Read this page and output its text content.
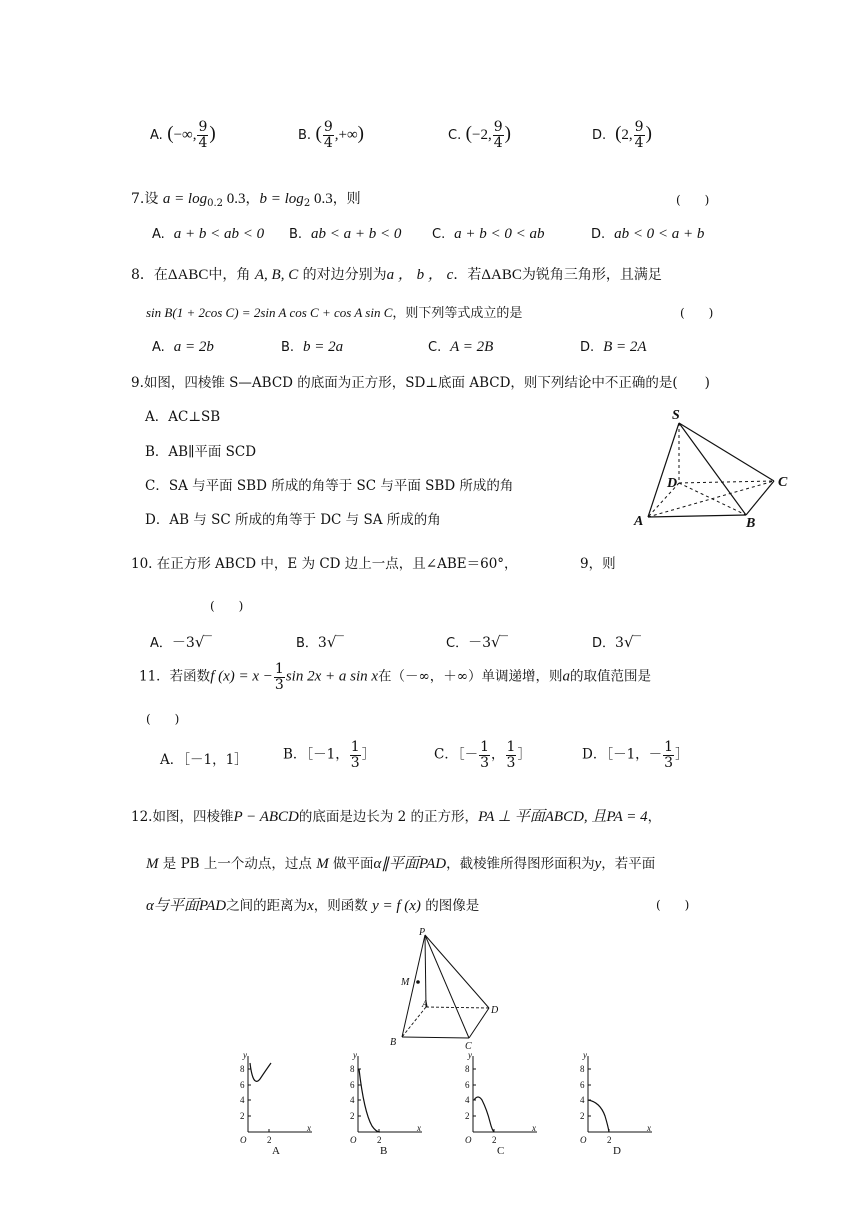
A. (−∞, $\frac{9}{4}$ )	B. ( $\frac{9}{4}$ ,+∞)	C. (−2, $\frac{9}{4}$ )	D. (2, $\frac{9}{4}$ )
7.设 $a = \log_{0.2} 0.3$，$b = \log_2 0.3$，则	(　　)
A. a + b < ab < 0 B. ab < a + b < 0 C. a + b < 0 < ab	D. ab < 0 < a + b
8．在ΔABC中，角 A, B, C 的对边分别为a ， b ， c．若ΔABC为锐角三角形，且满足
sin B(1 + 2cos C) = 2sin A cos C + cos A sin C，则下列等式成立的是	(　　)
A. a = 2b	B. b = 2a	C. A = 2B	D. B = 2A
9.如图，四棱锥 S—ABCD 的底面为正方形，SD⊥底面 ABCD，则下列结论中不正确的是(　　)
A．AC⊥SB
B．AB∥平面 SCD
C．SA 与平面 SBD 所成的角等于 SC 与平面 SBD 所成的角
D．AB 与 SC 所成的角等于 DC 与 SA 所成的角
S
D	C
A	B
10. 在正方形 ABCD 中，E 为 CD 边上一点，且∠ABE＝60°，	9，则
(　　)
A．－3√‾	B．3√‾	C．－3√‾	D．3√‾
11．若函数f $(x) = x - \frac{1}{3}$ sin 2x + a sin x在（－∞，＋∞）单调递增，则a的取值范围是
(　　)
A．［－1，1］	B．［－1， $\frac{1}{3}$ ］	C．［－ $\frac{1}{3}$ ， $\frac{1}{3}$ ］	D．［－1，－ $\frac{1}{3}$ ］
12.如图，四棱锥P − ABCD的底面是边长为 2 的正方形，PA ⊥ 平面ABCD, 且PA = 4，
M 是 PB 上一个动点，过点 M 做平面α∥平面PAD，截棱锥所得图形面积为y，若平面
α与平面PAD之间的距离为x，则函数 y = f (x) 的图像是	(　　)
P
M
A
D
B	C
y
8
6
4
2
O 2
x
A
y
8
6
4
2
O 2
x
B
y
8
6
4
2
O 2
x
C
y
8
6
4
2
O 2
x
D
